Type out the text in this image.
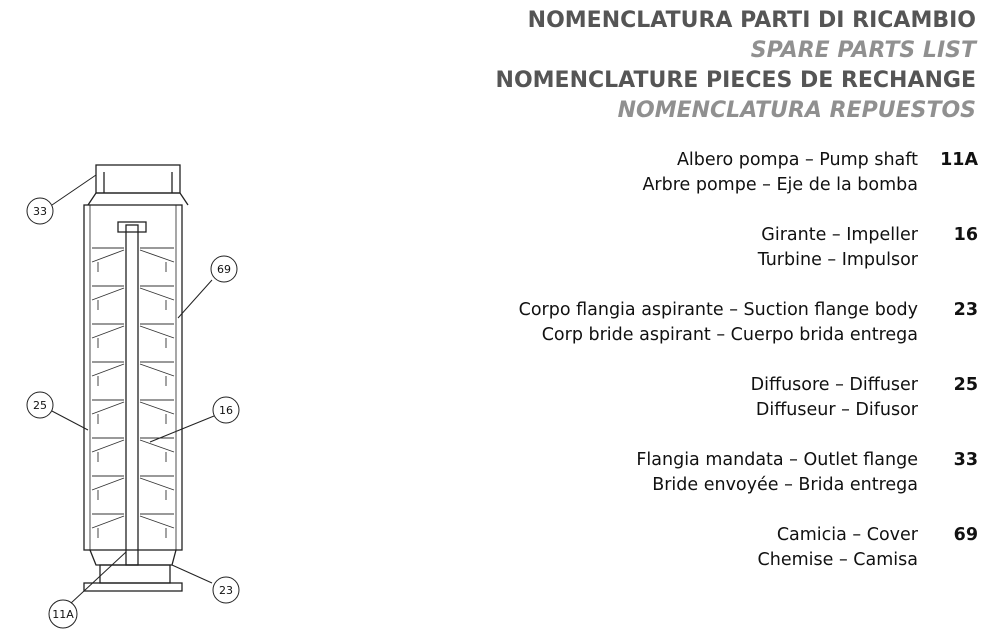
NOMENCLATURA PARTI DI RICAMBIO
SPARE PARTS LIST
NOMENCLATURE PIECES DE RECHANGE
NOMENCLATURA REPUESTOS
Albero pompa – Pump shaft
Arbre pompe – Eje de la bomba
11A
Girante – Impeller
Turbine – Impulsor
16
Corpo flangia aspirante – Suction flange body
Corp bride aspirant – Cuerpo brida entrega
23
Diffusore – Diffuser
Diffuseur – Difusor
25
Flangia mandata – Outlet flange
Bride envoyée – Brida entrega
33
Camicia – Cover
Chemise – Camisa
69
33
69
25	16
23
11A
